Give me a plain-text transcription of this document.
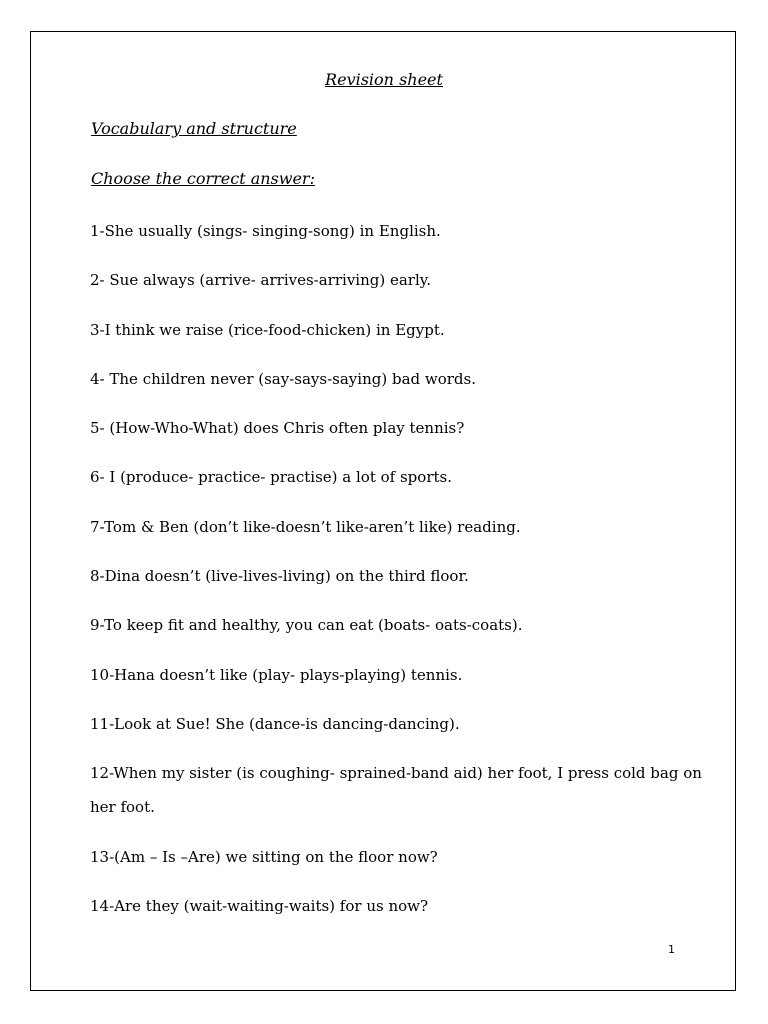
Revision sheet
Vocabulary and structure
Choose the correct answer:
1-She usually (sings- singing-song) in English.
2- Sue always (arrive- arrives-arriving) early.
3-I think we raise (rice-food-chicken) in Egypt.
4- The children never (say-says-saying) bad words.
5- (How-Who-What) does Chris often play tennis?
6- I (produce- practice- practise) a lot of sports.
7-Tom & Ben (don’t like-doesn’t like-aren’t like) reading.
8-Dina doesn’t (live-lives-living) on the third floor.
9-To keep fit and healthy, you can eat (boats- oats-coats).
10-Hana doesn’t like (play- plays-playing) tennis.
11-Look at Sue! She (dance-is dancing-dancing).
12-When my sister (is coughing- sprained-band aid) her foot, I press cold bag on her foot.
13-(Am – Is –Are) we sitting on the floor now?
14-Are they (wait-waiting-waits) for us now?
1
